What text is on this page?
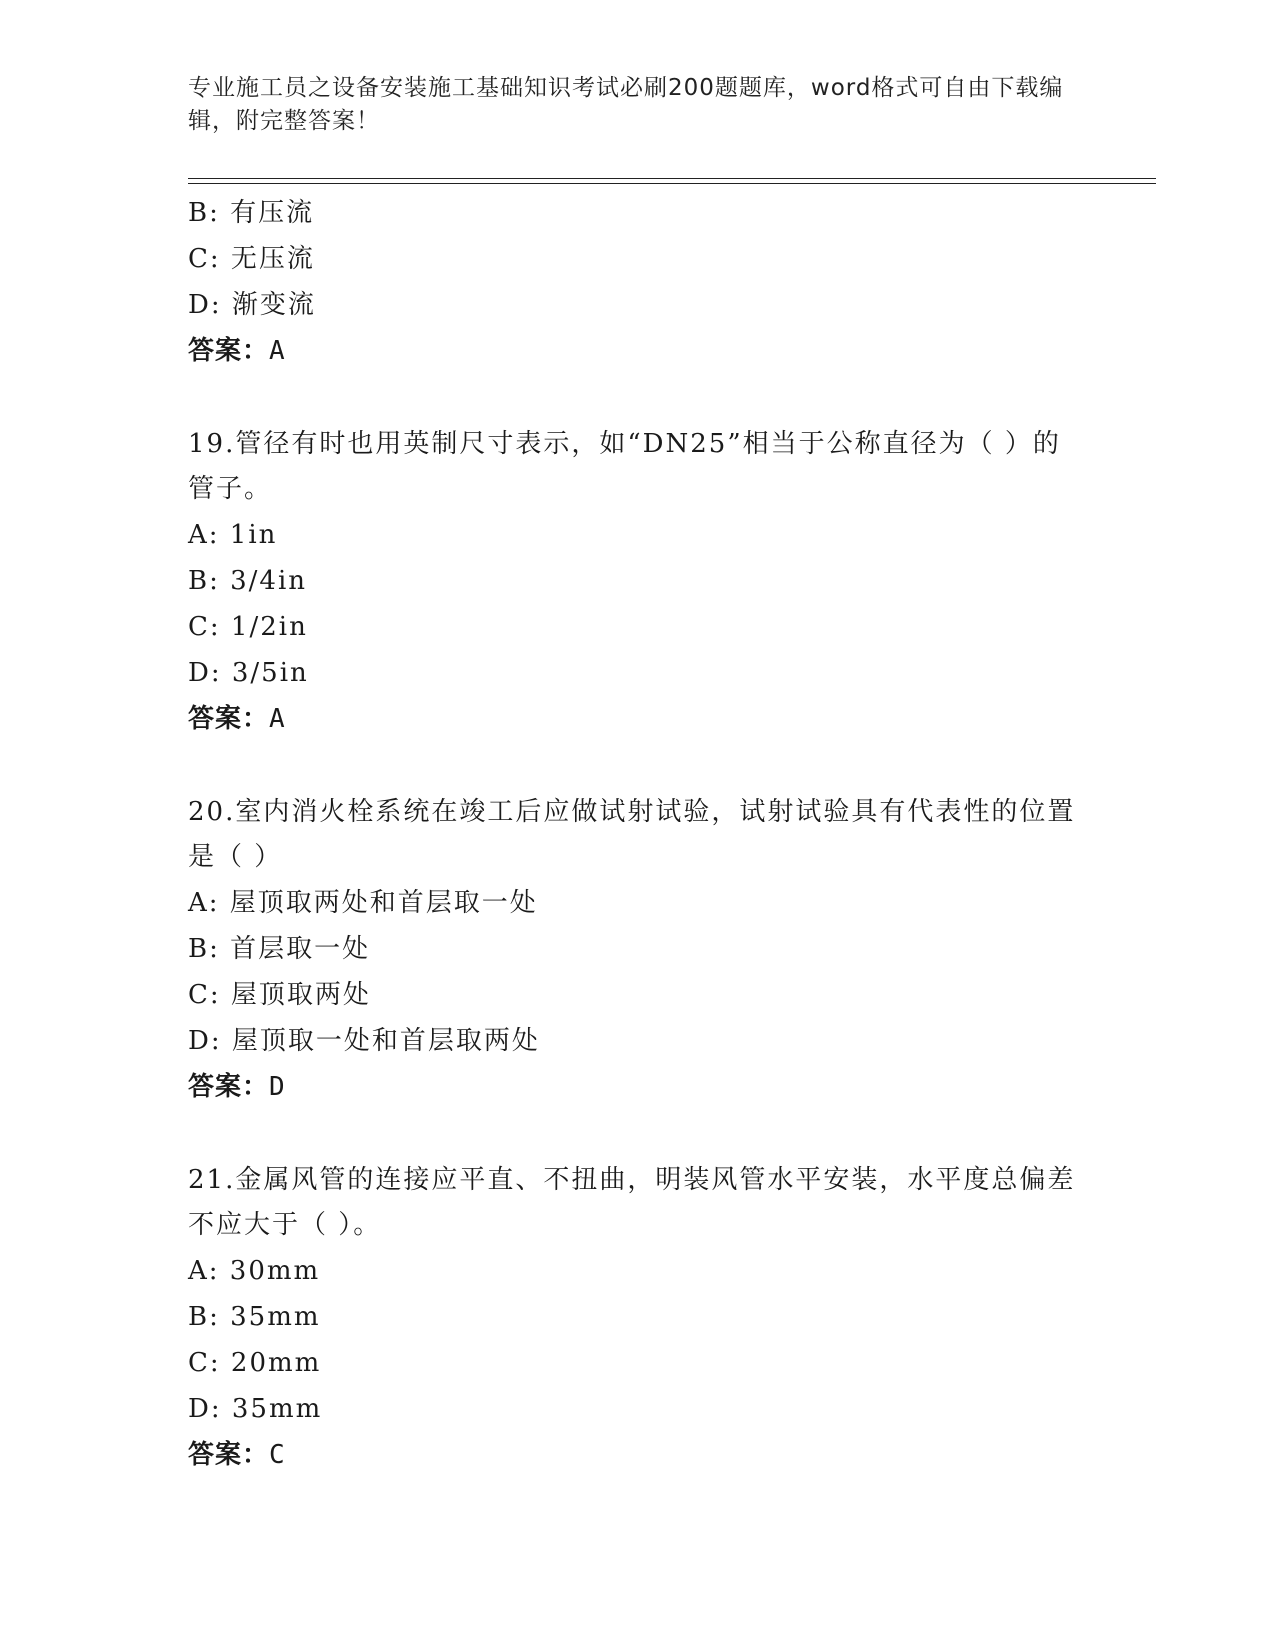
专业施工员之设备安装施工基础知识考试必刷200题题库，word格式可自由下载编辑，附完整答案！
B: 有压流
C: 无压流
D: 渐变流
答案：A
19.管径有时也用英制尺寸表示，如“DN25”相当于公称直径为（ ）的管子。
A: 1in
B: 3/4in
C: 1/2in
D: 3/5in
答案：A
20.室内消火栓系统在竣工后应做试射试验，试射试验具有代表性的位置是（ ）
A: 屋顶取两处和首层取一处
B: 首层取一处
C: 屋顶取两处
D: 屋顶取一处和首层取两处
答案：D
21.金属风管的连接应平直、不扭曲，明装风管水平安装，水平度总偏差不应大于（ ）。
A: 30mm
B: 35mm
C: 20mm
D: 35mm
答案：C
